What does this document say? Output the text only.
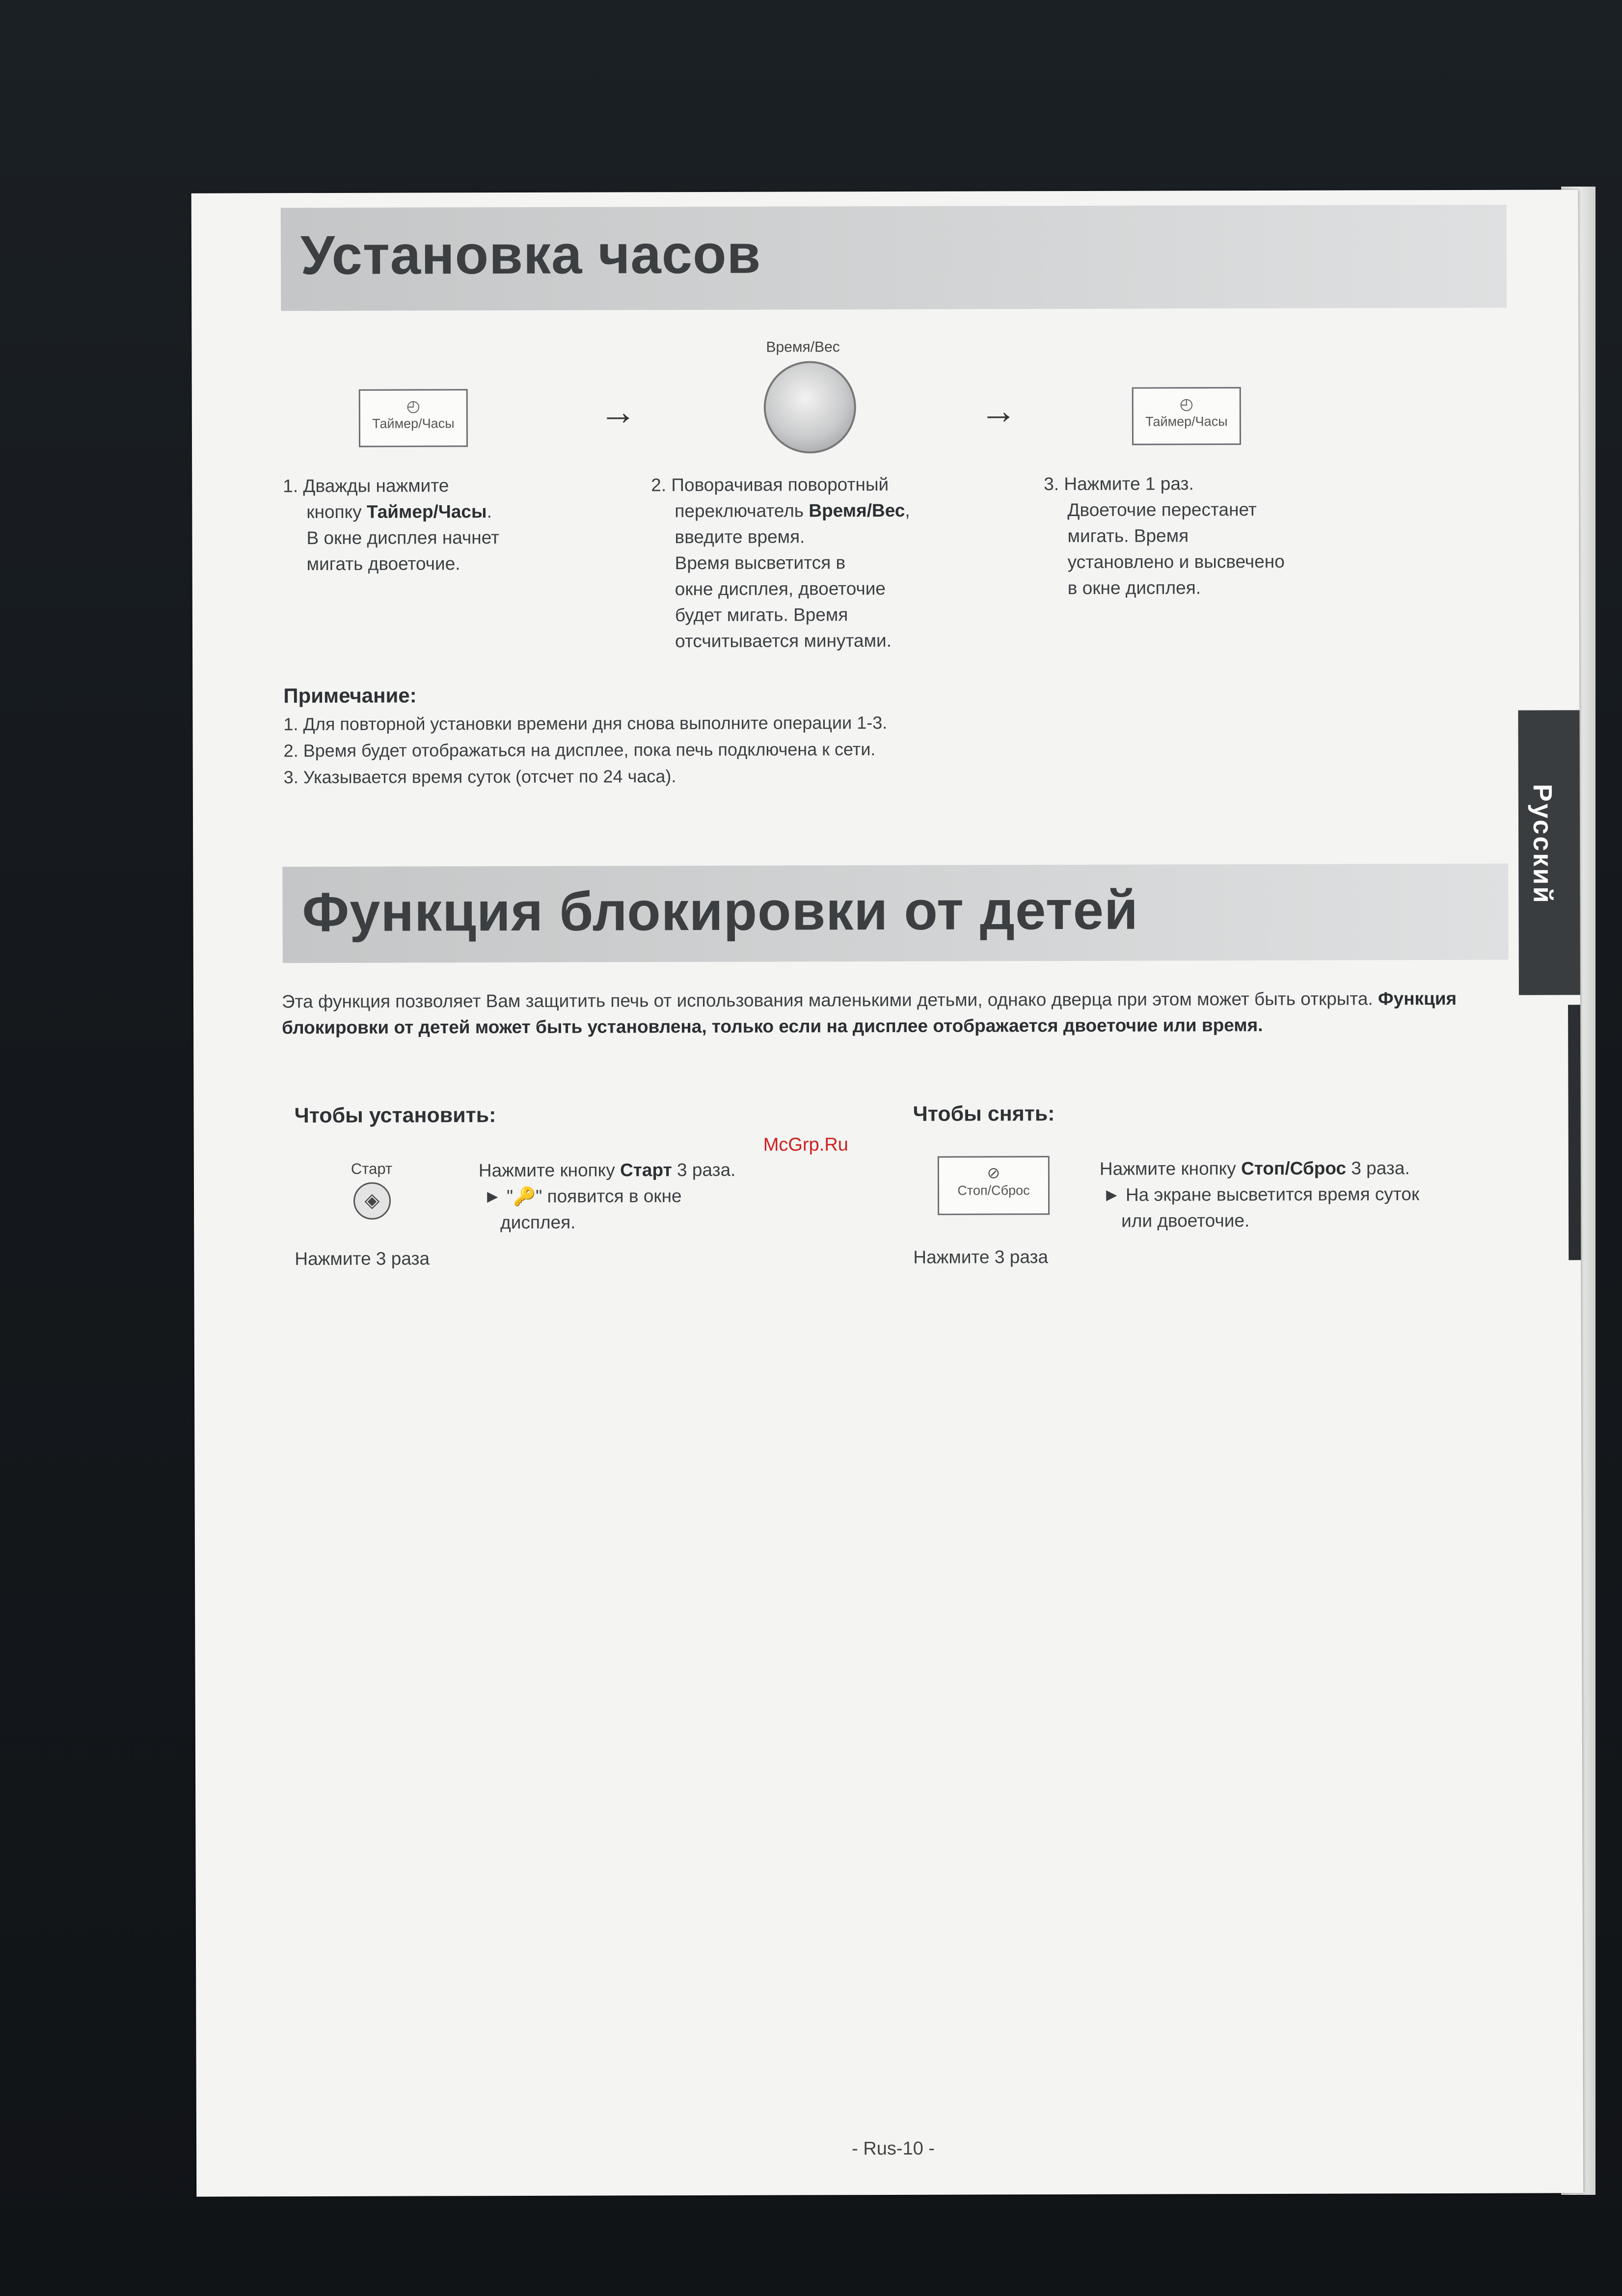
Установка часов
◴
Таймер/Часы	→
Время/Вес
→	◴
Таймер/Часы
1. Дважды нажмите
кнопку Таймер/Часы.
В окне дисплея начнет
мигать двоеточие.
2. Поворачивая поворотный
переключатель Время/Вес,
введите время.
Время высветится в
окне дисплея, двоеточие
будет мигать. Время
отсчитывается минутами.
3. Нажмите 1 раз.
Двоеточие перестанет
мигать. Время
установлено и высвечено
в окне дисплея.
Примечание:
1. Для повторной установки времени дня снова выполните операции 1-3.
2. Время будет отображаться на дисплее, пока печь подключена к сети.
3. Указывается время суток (отсчет по 24 часа).
Функция блокировки от детей
Эта функция позволяет Вам защитить печь от использования маленькими детьми, однако дверца при этом может быть открыта. Функция блокировки от детей может быть установлена, только если на дисплее отображается двоеточие или время.
Чтобы установить:
Старт
◈
Нажмите 3 раза
Нажмите кнопку Старт 3 раза.
► "🔑" появится в окне
дисплея.
Чтобы снять:
⊘
Стоп/Сброс
Нажмите 3 раза
Нажмите кнопку Стоп/Сброс 3 раза.
► На экране высветится время суток
или двоеточие.
Русский
McGrp.Ru
- Rus-10 -
